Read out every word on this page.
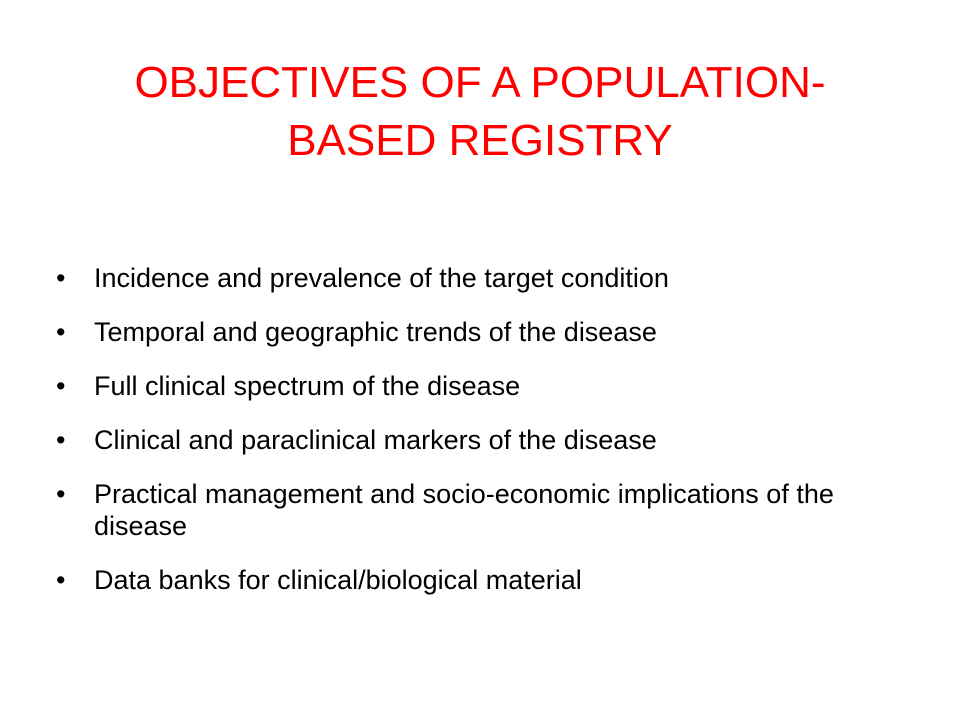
OBJECTIVES OF A POPULATION-
BASED REGISTRY
•	Incidence and prevalence of the target condition
•	Temporal and geographic trends of the disease
•	Full clinical spectrum of the disease
•	Clinical and paraclinical markers of the disease
•	Practical management and socio-economic implications of the disease
•	Data banks for clinical/biological material
